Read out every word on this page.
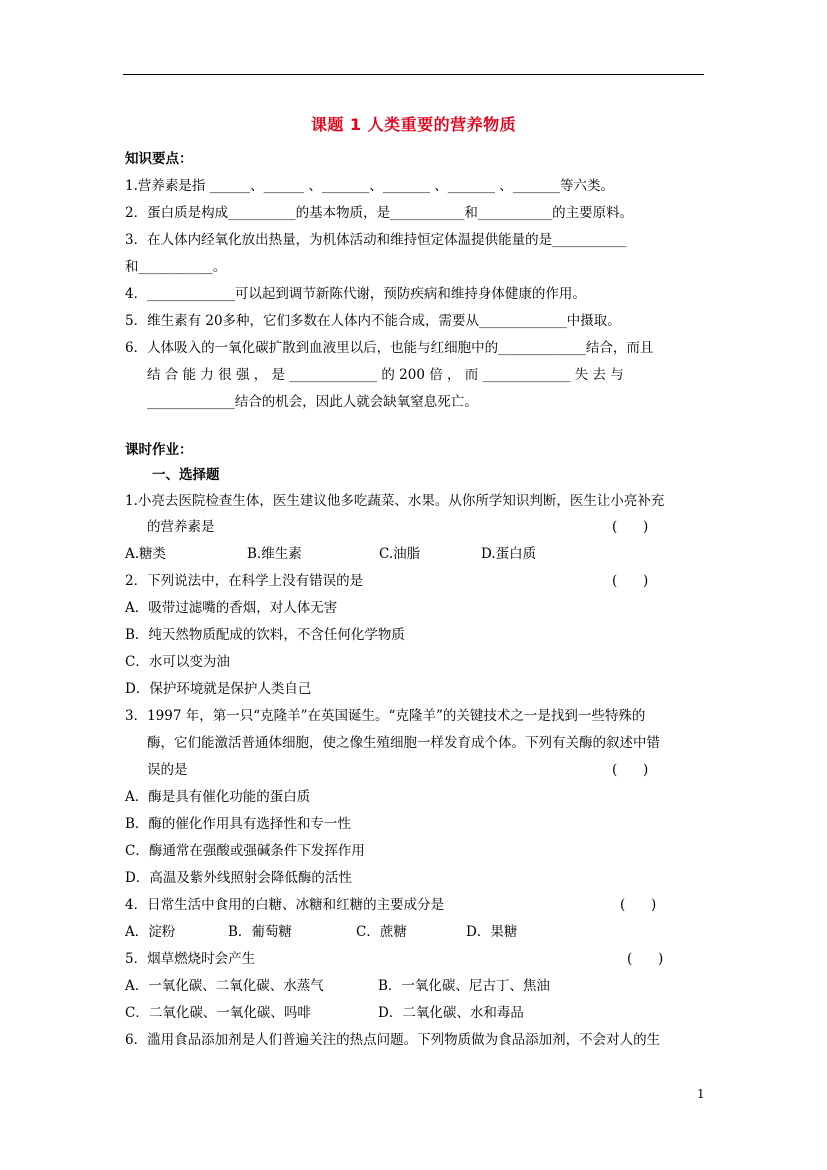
课题 1 人类重要的营养物质
知识要点：
1.营养素是指 ______、______ 、_______、_______ 、_______ 、_______等六类。
2．蛋白质是构成__________的基本物质，是___________和___________的主要原料。
3．在人体内经氧化放出热量，为机体活动和维持恒定体温提供能量的是___________
和___________。
4．_____________可以起到调节新陈代谢，预防疾病和维持身体健康的作用。
5．维生素有 20多种，它们多数在人体内不能合成，需要从_____________中摄取。
6．人体吸入的一氧化碳扩散到血液里以后，也能与红细胞中的_____________结合，而且
结 合 能 力 很 强 ， 是 _____________ 的 200 倍 ， 而 _____________ 失 去 与
_____________结合的机会，因此人就会缺氧窒息死亡。
课时作业：
一、选择题
1.小亮去医院检查生体，医生建议他多吃蔬菜、水果。从你所学知识判断，医生让小亮补充
的营养素是	(      )
A.糖类	B.维生素	C.油脂	D.蛋白质
2．下列说法中，在科学上没有错误的是	(      )
A．吸带过滤嘴的香烟，对人体无害
B．纯天然物质配成的饮料，不含任何化学物质
C．水可以变为油
D．保护环境就是保护人类自己
3．1997 年，第一只“克隆羊”在英国诞生。“克隆羊”的关键技术之一是找到一些特殊的
酶，它们能激活普通体细胞，使之像生殖细胞一样发育成个体。下列有关酶的叙述中错
误的是	(      )
A．酶是具有催化功能的蛋白质
B．酶的催化作用具有选择性和专一性
C．酶通常在强酸或强碱条件下发挥作用
D．高温及紫外线照射会降低酶的活性
4．日常生活中食用的白糖、冰糖和红糖的主要成分是	(      )
A．淀粉	B．葡萄糖	C．蔗糖	D．果糖
5．烟草燃烧时会产生	(      )
A．一氧化碳、二氧化碳、水蒸气	B．一氧化碳、尼古丁、焦油
C．二氧化碳、一氧化碳、吗啡	D．二氧化碳、水和毒品
6．滥用食品添加剂是人们普遍关注的热点问题。下列物质做为食品添加剂，不会对人的生
1
